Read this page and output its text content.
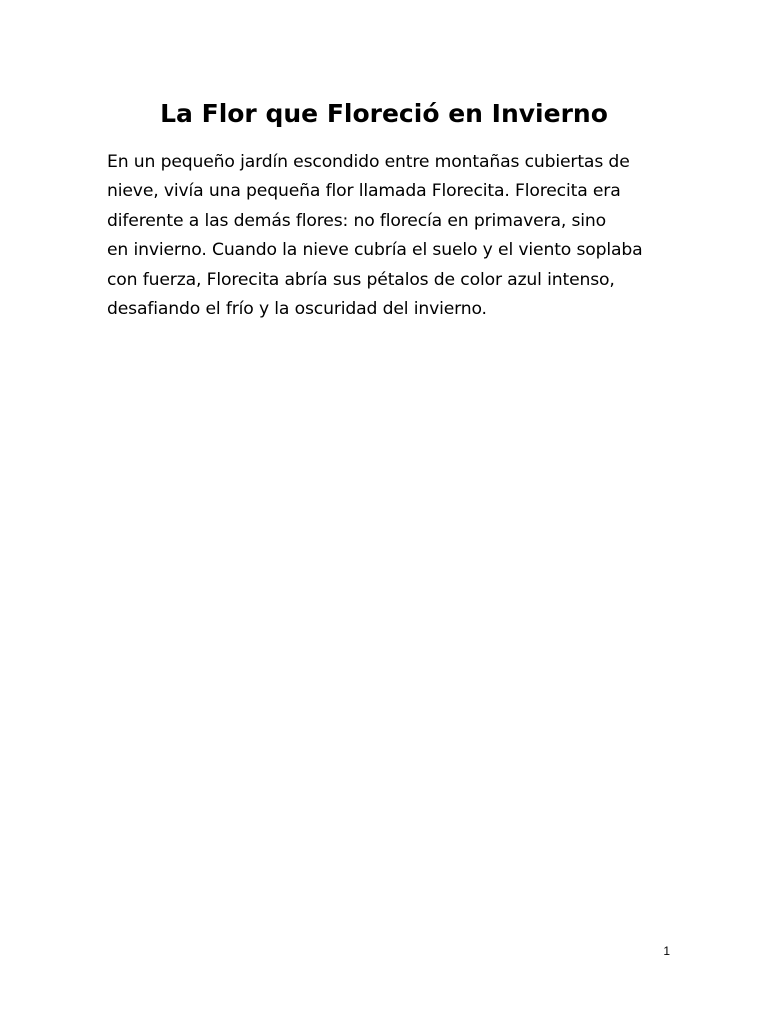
La Flor que Floreció en Invierno

En un pequeño jardín escondido entre montañas cubiertas de
nieve, vivía una pequeña flor llamada Florecita. Florecita era
diferente a las demás flores: no florecía en primavera, sino
en invierno. Cuando la nieve cubría el suelo y el viento soplaba
con fuerza, Florecita abría sus pétalos de color azul intenso,
desafiando el frío y la oscuridad del invierno.

1
